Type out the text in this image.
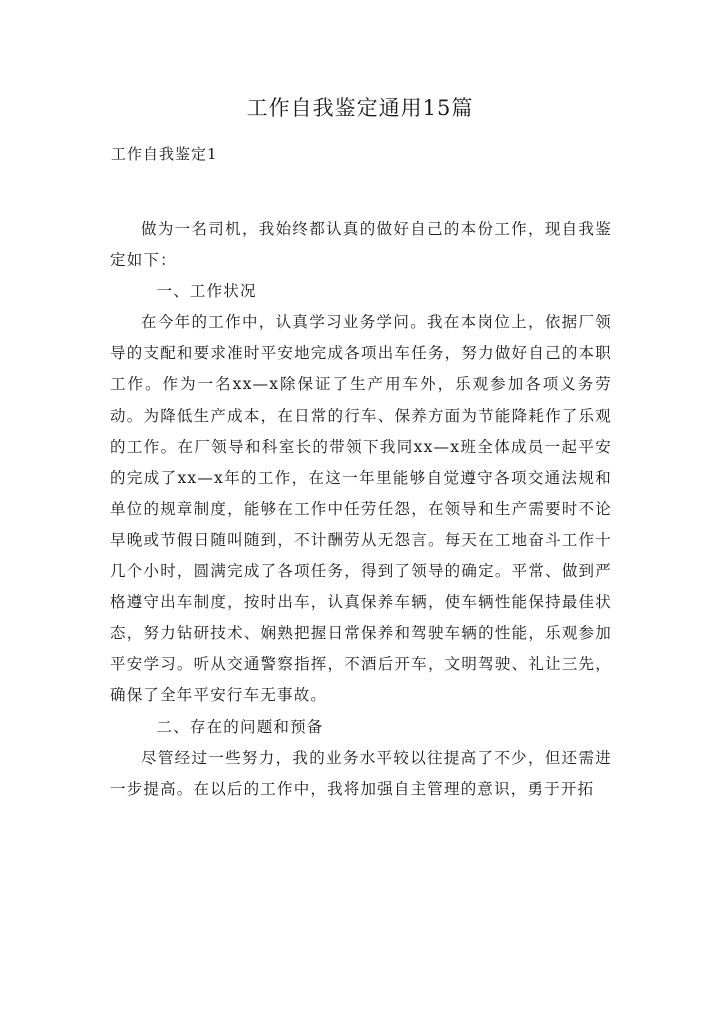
工作自我鉴定通用15篇
工作自我鉴定1

做为一名司机，我始终都认真的做好自己的本份工作，现自我鉴定如下：

一、工作状况

在今年的工作中，认真学习业务学问。我在本岗位上，依据厂领导的支配和要求准时平安地完成各项出车任务，努力做好自己的本职工作。作为一名xx—x除保证了生产用车外，乐观参加各项义务劳动。为降低生产成本，在日常的行车、保养方面为节能降耗作了乐观的工作。在厂领导和科室长的带领下我同xx—x班全体成员一起平安的完成了xx—x年的工作，在这一年里能够自觉遵守各项交通法规和单位的规章制度，能够在工作中任劳任怨，在领导和生产需要时不论早晚或节假日随叫随到，不计酬劳从无怨言。每天在工地奋斗工作十几个小时，圆满完成了各项任务，得到了领导的确定。平常、做到严格遵守出车制度，按时出车，认真保养车辆，使车辆性能保持最佳状态，努力钻研技术、娴熟把握日常保养和驾驶车辆的性能，乐观参加平安学习。听从交通警察指挥，不酒后开车，文明驾驶、礼让三先，确保了全年平安行车无事故。

二、存在的问题和预备

尽管经过一些努力，我的业务水平较以往提高了不少，但还需进一步提高。在以后的工作中，我将加强自主管理的意识，勇于开拓
